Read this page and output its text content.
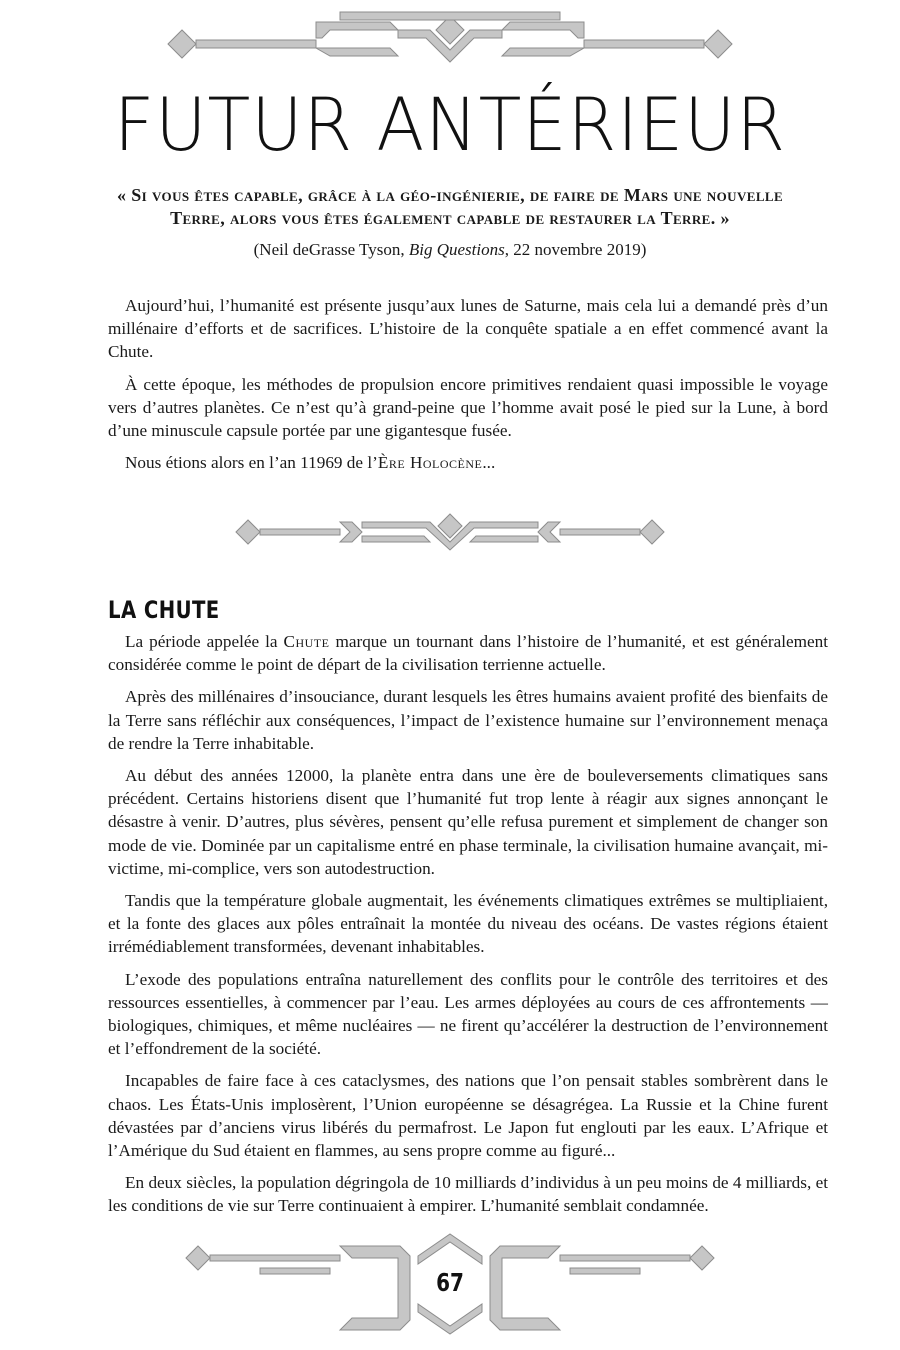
FUTUR ANTÉRIEUR

« Si vous êtes capable, grâce à la géo-ingénierie, de faire de Mars une nouvelle Terre, alors vous êtes également capable de restaurer la Terre. »

(Neil deGrasse Tyson, Big Questions, 22 novembre 2019)

Aujourd’hui, l’humanité est présente jusqu’aux lunes de Saturne, mais cela lui a demandé près d’un millénaire d’efforts et de sacrifices. L’histoire de la conquête spatiale a en effet commencé avant la Chute.

À cette époque, les méthodes de propulsion encore primitives rendaient quasi impossible le voyage vers d’autres planètes. Ce n’est qu’à grand-peine que l’homme avait posé le pied sur la Lune, à bord d’une minuscule capsule portée par une gigantesque fusée.

Nous étions alors en l’an 11969 de l’Ère Holocène...

LA CHUTE

La période appelée la Chute marque un tournant dans l’histoire de l’humanité, et est généralement considérée comme le point de départ de la civilisation terrienne actuelle.

Après des millénaires d’insouciance, durant lesquels les êtres humains avaient profité des bienfaits de la Terre sans réfléchir aux conséquences, l’impact de l’existence humaine sur l’environnement menaça de rendre la Terre inhabitable.

Au début des années 12000, la planète entra dans une ère de bouleversements climatiques sans précédent. Certains historiens disent que l’humanité fut trop lente à réagir aux signes annonçant le désastre à venir. D’autres, plus sévères, pensent qu’elle refusa purement et simplement de changer son mode de vie. Dominée par un capitalisme entré en phase terminale, la civilisation humaine avançait, mi-victime, mi-complice, vers son autodestruction.

Tandis que la température globale augmentait, les événements climatiques extrêmes se multipliaient, et la fonte des glaces aux pôles entraînait la montée du niveau des océans. De vastes régions étaient irrémédiablement transformées, devenant inhabitables.

L’exode des populations entraîna naturellement des conflits pour le contrôle des territoires et des ressources essentielles, à commencer par l’eau. Les armes déployées au cours de ces affrontements — biologiques, chimiques, et même nucléaires — ne firent qu’accélérer la destruction de l’environnement et l’effondrement de la société.

Incapables de faire face à ces cataclysmes, des nations que l’on pensait stables sombrèrent dans le chaos. Les États-Unis implosèrent, l’Union européenne se désagrégea. La Russie et la Chine furent dévastées par d’anciens virus libérés du permafrost. Le Japon fut englouti par les eaux. L’Afrique et l’Amérique du Sud étaient en flammes, au sens propre comme au figuré...

En deux siècles, la population dégringola de 10 milliards d’individus à un peu moins de 4 milliards, et les conditions de vie sur Terre continuaient à empirer. L’humanité semblait condamnée.

67
